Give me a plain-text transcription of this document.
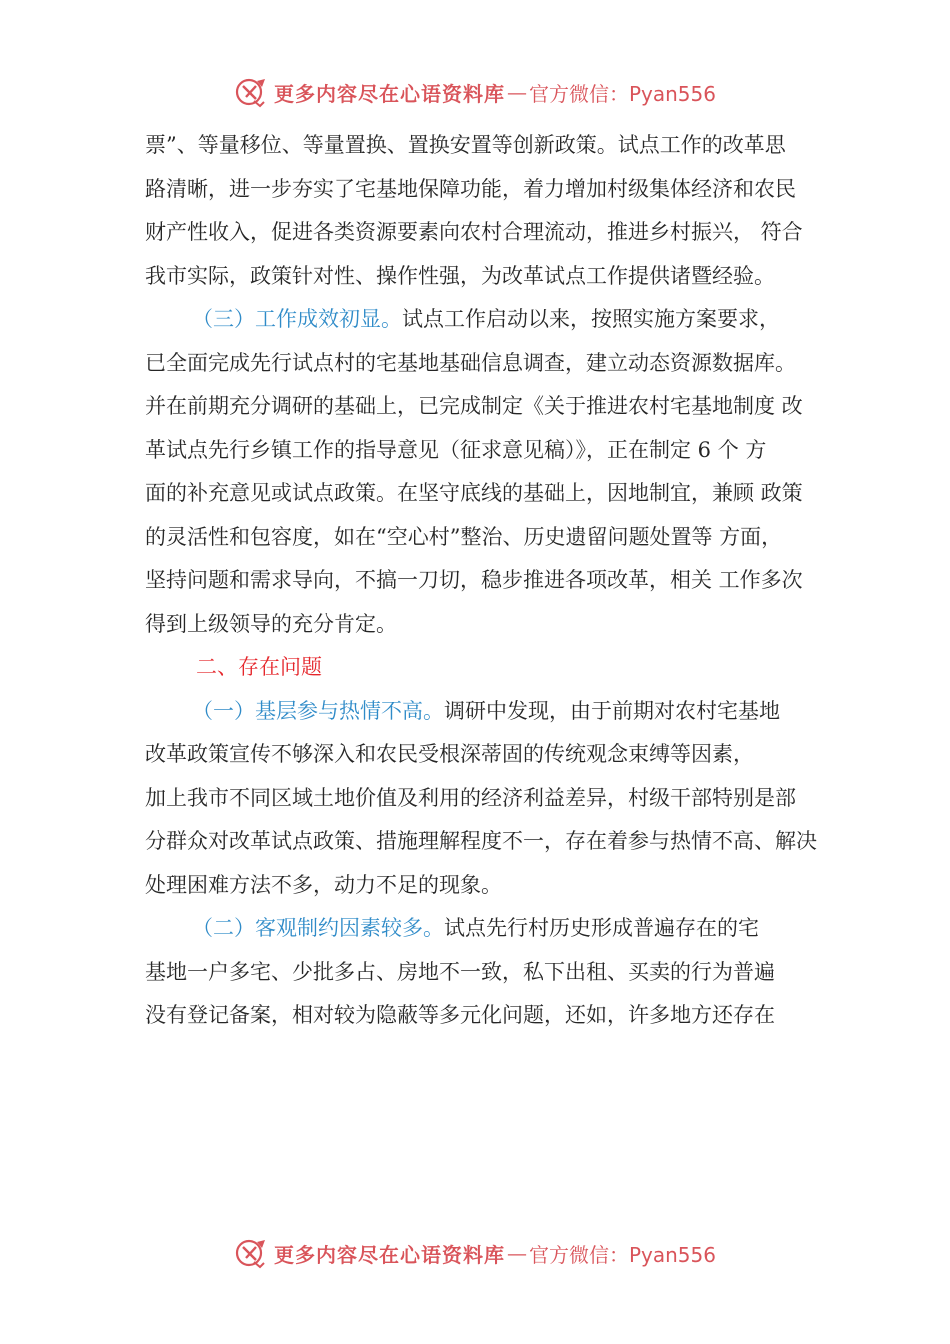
更多内容尽在心语资料库 — 官方微信：Pyan556
票”、等量移位、等量置换、置换安置等创新政策。试点工作的改革思
路清晰，进一步夯实了宅基地保障功能，着力增加村级集体经济和农民
财产性收入，促进各类资源要素向农村合理流动，推进乡村振兴， 符合
我市实际，政策针对性、操作性强，为改革试点工作提供诸暨经验。
（三）工作成效初显。试点工作启动以来，按照实施方案要求，
已全面完成先行试点村的宅基地基础信息调查，建立动态资源数据库。
并在前期充分调研的基础上，已完成制定《关于推进农村宅基地制度 改
革试点先行乡镇工作的指导意见（征求意见稿）》，正在制定 6 个 方
面的补充意见或试点政策。在坚守底线的基础上，因地制宜，兼顾 政策
的灵活性和包容度，如在“空心村”整治、历史遗留问题处置等 方面，
坚持问题和需求导向，不搞一刀切，稳步推进各项改革，相关 工作多次
得到上级领导的充分肯定。
二、存在问题
（一）基层参与热情不高。调研中发现，由于前期对农村宅基地
改革政策宣传不够深入和农民受根深蒂固的传统观念束缚等因素，
加上我市不同区域土地价值及利用的经济利益差异，村级干部特别是部
分群众对改革试点政策、措施理解程度不一，存在着参与热情不高、解决
处理困难方法不多，动力不足的现象。
（二）客观制约因素较多。试点先行村历史形成普遍存在的宅
基地一户多宅、少批多占、房地不一致，私下出租、买卖的行为普遍
没有登记备案，相对较为隐蔽等多元化问题，还如，许多地方还存在
更多内容尽在心语资料库 — 官方微信：Pyan556
